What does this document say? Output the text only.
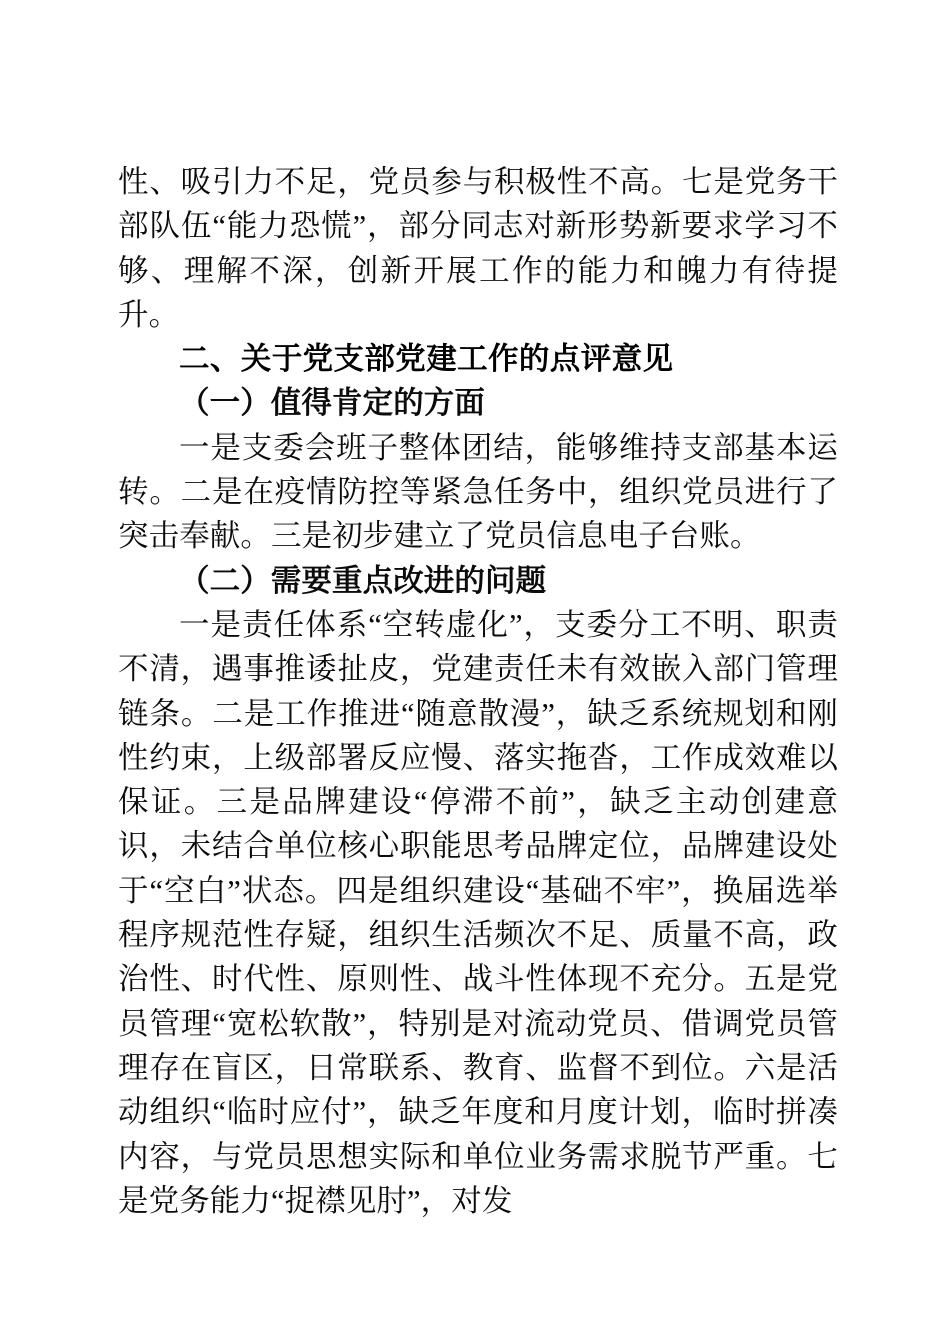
性、吸引力不足，党员参与积极性不高。七是党务干部队伍“能力恐慌”，部分同志对新形势新要求学习不够、理解不深，创新开展工作的能力和魄力有待提升。

二、关于党支部党建工作的点评意见
（一）值得肯定的方面

一是支委会班子整体团结，能够维持支部基本运转。二是在疫情防控等紧急任务中，组织党员进行了突击奉献。三是初步建立了党员信息电子台账。

（二）需要重点改进的问题

一是责任体系“空转虚化”，支委分工不明、职责不清，遇事推诿扯皮，党建责任未有效嵌入部门管理链条。二是工作推进“随意散漫”，缺乏系统规划和刚性约束，上级部署反应慢、落实拖沓，工作成效难以保证。三是品牌建设“停滞不前”，缺乏主动创建意识，未结合单位核心职能思考品牌定位，品牌建设处于“空白”状态。四是组织建设“基础不牢”，换届选举程序规范性存疑，组织生活频次不足、质量不高，政治性、时代性、原则性、战斗性体现不充分。五是党员管理“宽松软散”，特别是对流动党员、借调党员管理存在盲区，日常联系、教育、监督不到位。六是活动组织“临时应付”，缺乏年度和月度计划，临时拼凑内容，与党员思想实际和单位业务需求脱节严重。七是党务能力“捉襟见肘”，对发
